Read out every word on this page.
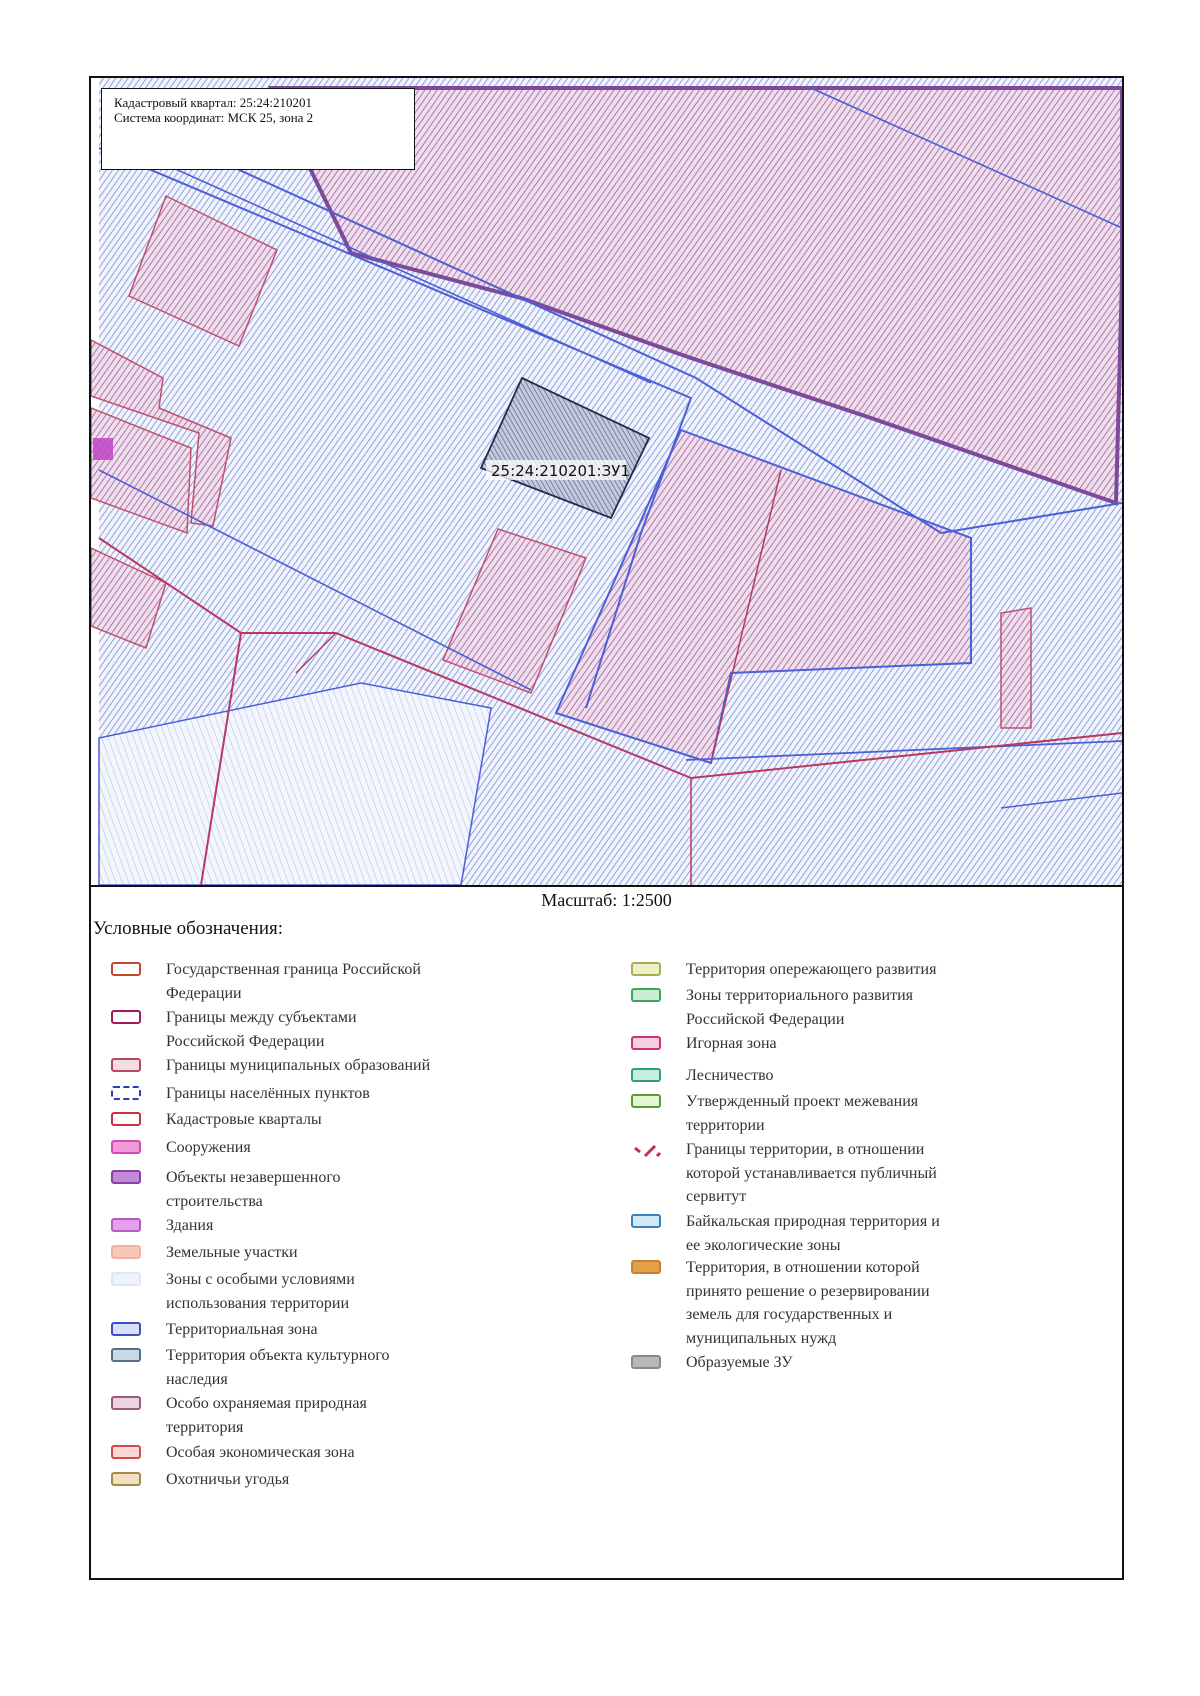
25:24:210201:ЗУ1
Кадастровый квартал: 25:24:210201
Система координат: МСК 25, зона 2
Масштаб: 1:2500
Условные обозначения:
Государственная граница Российской Федерации
Границы между субъектами Российской Федерации
Границы муниципальных образований
Границы населённых пунктов
Кадастровые кварталы
Сооружения
Объекты незавершенного строительства
Здания
Земельные участки
Зоны с особыми условиями использования территории
Территориальная зона
Территория объекта культурного наследия
Особо охраняемая природная территория
Особая экономическая зона
Охотничьи угодья
Территория опережающего развития
Зоны территориального развития Российской Федерации
Игорная зона
Лесничество
Утвержденный проект межевания территории
Границы территории, в отношении которой устанавливается публичный сервитут
Байкальская природная территория и ее экологические зоны
Территория, в отношении которой принято решение о резервировании земель для государственных и муниципальных нужд
Образуемые ЗУ
